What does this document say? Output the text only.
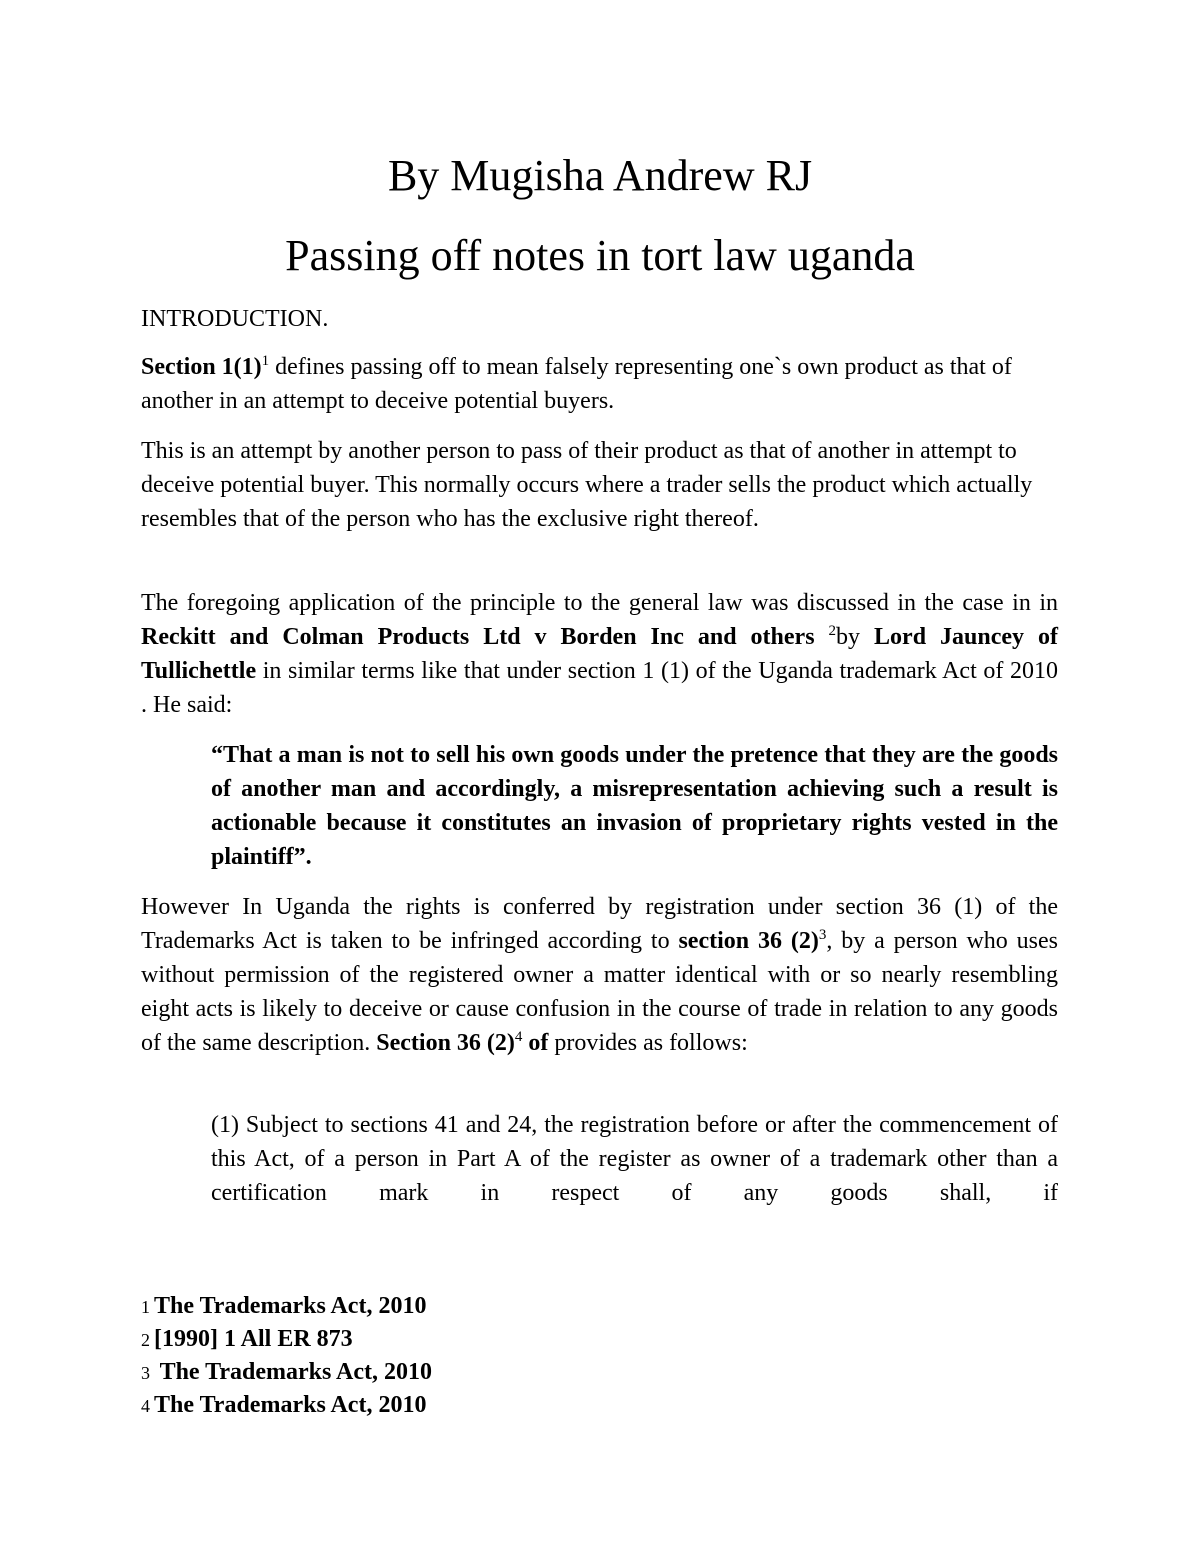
By Mugisha Andrew RJ
Passing off notes in tort law uganda

INTRODUCTION.

Section $1(1)^1$ defines passing off to mean falsely representing one`s own product as that of another in an attempt to deceive potential buyers.

This is an attempt by another person to pass of their product as that of another in attempt to deceive potential buyer. This normally occurs where a trader sells the product which actually resembles that of the person who has the exclusive right thereof.

The foregoing application of the principle to the general law was discussed in the case in in Reckitt and Colman Products Ltd v Borden Inc and others $^2$by Lord Jauncey of Tullichettle in similar terms like that under section 1 (1) of the Uganda trademark Act of 2010 . He said:

“That a man is not to sell his own goods under the pretence that they are the goods of another man and accordingly, a misrepresentation achieving such a result is actionable because it constitutes an invasion of proprietary rights vested in the plaintiff”.

However In Uganda the rights is conferred by registration under section 36 (1) of the Trademarks Act is taken to be infringed according to section 36 $(2)^3$, by a person who uses without permission of the registered owner a matter identical with or so nearly resembling eight acts is likely to deceive or cause confusion in the course of trade in relation to any goods of the same description. Section 36 $(2)^4$ of provides as follows:

(1) Subject to sections 41 and 24, the registration before or after the commencement of this Act, of a person in Part A of the register as owner of a trademark other than a certification mark in respect of any goods shall, if

1 The Trademarks Act, 2010
2 [1990] 1 All ER 873
3 The Trademarks Act, 2010
4 The Trademarks Act, 2010
